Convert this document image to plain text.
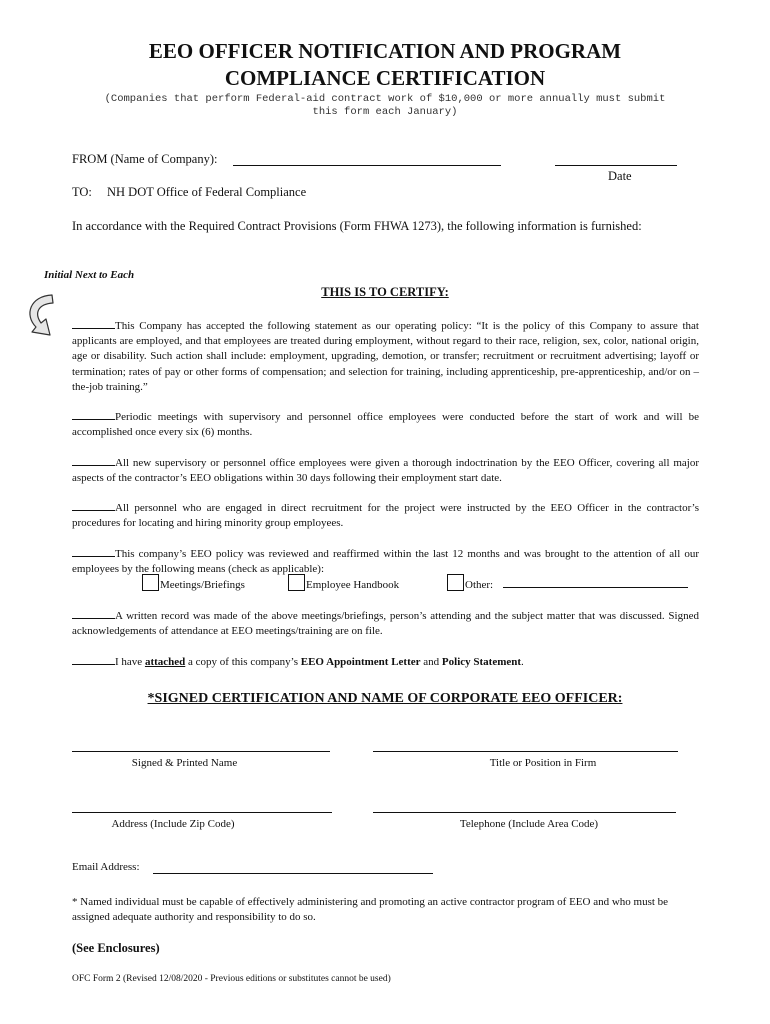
EEO OFFICER NOTIFICATION AND PROGRAM
COMPLIANCE CERTIFICATION
(Companies that perform Federal-aid contract work of $10,000 or more annually must submit
this form each January)
FROM (Name of Company):
Date
TO: NH DOT Office of Federal Compliance
In accordance with the Required Contract Provisions (Form FHWA 1273), the following information is furnished:
Initial Next to Each
THIS IS TO CERTIFY:
This Company has accepted the following statement as our operating policy: “It is the policy of this Company to assure that applicants are employed, and that employees are treated during employment, without regard to their race, religion, sex, color, national origin, age or disability. Such action shall include: employment, upgrading, demotion, or transfer; recruitment or recruitment advertising; layoff or termination; rates of pay or other forms of compensation; and selection for training, including apprenticeship, pre-apprenticeship, and/or on –the-job training.”
Periodic meetings with supervisory and personnel office employees were conducted before the start of work and will be accomplished once every six (6) months.
All new supervisory or personnel office employees were given a thorough indoctrination by the EEO Officer, covering all major aspects of the contractor’s EEO obligations within 30 days following their employment start date.
All personnel who are engaged in direct recruitment for the project were instructed by the EEO Officer in the contractor’s procedures for locating and hiring minority group employees.
This company’s EEO policy was reviewed and reaffirmed within the last 12 months and was brought to the attention of all our employees by the following means (check as applicable):
Meetings/Briefings	Employee Handbook	Other:
A written record was made of the above meetings/briefings, person’s attending and the subject matter that was discussed. Signed acknowledgements of attendance at EEO meetings/training are on file.
I have attached a copy of this company’s EEO Appointment Letter and Policy Statement.
*SIGNED CERTIFICATION AND NAME OF CORPORATE EEO OFFICER:
Signed & Printed Name	Title or Position in Firm
Address (Include Zip Code)	Telephone (Include Area Code)
Email Address:
* Named individual must be capable of effectively administering and promoting an active contractor program of EEO and who must be assigned adequate authority and responsibility to do so.
(See Enclosures)
OFC Form 2 (Revised 12/08/2020 - Previous editions or substitutes cannot be used)
